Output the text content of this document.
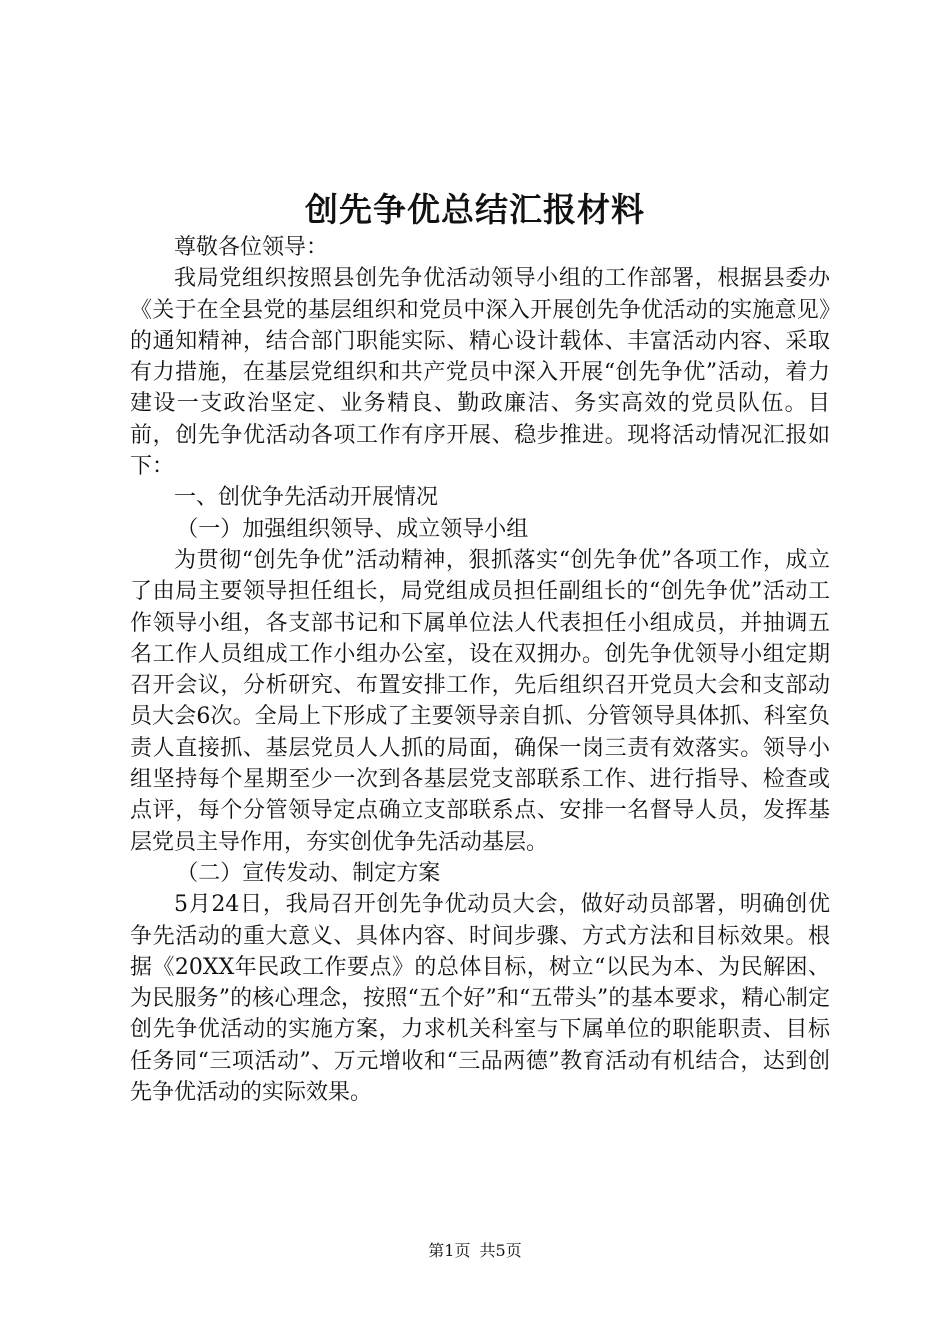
创先争优总结汇报材料

尊敬各位领导：

我局党组织按照县创先争优活动领导小组的工作部署，根据县委办《关于在全县党的基层组织和党员中深入开展创先争优活动的实施意见》的通知精神，结合部门职能实际、精心设计载体、丰富活动内容、采取有力措施，在基层党组织和共产党员中深入开展“创先争优”活动，着力建设一支政治坚定、业务精良、勤政廉洁、务实高效的党员队伍。目前，创先争优活动各项工作有序开展、稳步推进。现将活动情况汇报如下：

一、创优争先活动开展情况

（一）加强组织领导、成立领导小组

为贯彻“创先争优”活动精神，狠抓落实“创先争优”各项工作，成立了由局主要领导担任组长，局党组成员担任副组长的“创先争优”活动工作领导小组，各支部书记和下属单位法人代表担任小组成员，并抽调五名工作人员组成工作小组办公室，设在双拥办。创先争优领导小组定期召开会议，分析研究、布置安排工作，先后组织召开党员大会和支部动员大会6次。全局上下形成了主要领导亲自抓、分管领导具体抓、科室负责人直接抓、基层党员人人抓的局面，确保一岗三责有效落实。领导小组坚持每个星期至少一次到各基层党支部联系工作、进行指导、检查或点评，每个分管领导定点确立支部联系点、安排一名督导人员，发挥基层党员主导作用，夯实创优争先活动基层。

（二）宣传发动、制定方案

5月24日，我局召开创先争优动员大会，做好动员部署，明确创优争先活动的重大意义、具体内容、时间步骤、方式方法和目标效果。根据《20XX年民政工作要点》的总体目标，树立“以民为本、为民解困、为民服务”的核心理念，按照“五个好”和“五带头”的基本要求，精心制定创先争优活动的实施方案，力求机关科室与下属单位的职能职责、目标任务同“三项活动”、万元增收和“三品两德”教育活动有机结合，达到创先争优活动的实际效果。

第1页 共5页
